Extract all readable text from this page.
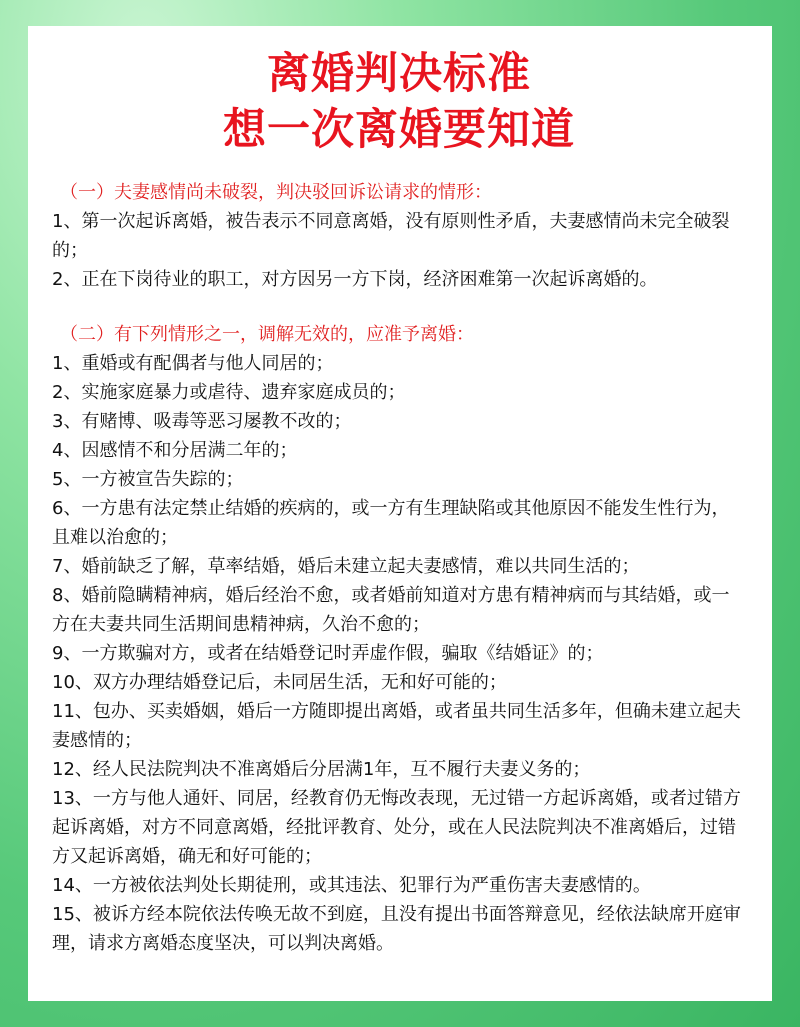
离婚判决标准
想一次离婚要知道

（一）夫妻感情尚未破裂，判决驳回诉讼请求的情形：

1、第一次起诉离婚，被告表示不同意离婚，没有原则性矛盾，夫妻感情尚未完全破裂的；
2、正在下岗待业的职工，对方因另一方下岗，经济困难第一次起诉离婚的。

（二）有下列情形之一，调解无效的，应准予离婚：

1、重婚或有配偶者与他人同居的；
2、实施家庭暴力或虐待、遗弃家庭成员的；
3、有赌博、吸毒等恶习屡教不改的；
4、因感情不和分居满二年的；
5、一方被宣告失踪的；
6、一方患有法定禁止结婚的疾病的，或一方有生理缺陷或其他原因不能发生性行为，且难以治愈的；
7、婚前缺乏了解，草率结婚，婚后未建立起夫妻感情，难以共同生活的；
8、婚前隐瞒精神病，婚后经治不愈，或者婚前知道对方患有精神病而与其结婚，或一方在夫妻共同生活期间患精神病，久治不愈的；
9、一方欺骗对方，或者在结婚登记时弄虚作假，骗取《结婚证》的；
10、双方办理结婚登记后，未同居生活，无和好可能的；
11、包办、买卖婚姻，婚后一方随即提出离婚，或者虽共同生活多年，但确未建立起夫妻感情的；
12、经人民法院判决不准离婚后分居满1年，互不履行夫妻义务的；
13、一方与他人通奸、同居，经教育仍无悔改表现，无过错一方起诉离婚，或者过错方起诉离婚，对方不同意离婚，经批评教育、处分，或在人民法院判决不准离婚后，过错方又起诉离婚，确无和好可能的；
14、一方被依法判处长期徒刑，或其违法、犯罪行为严重伤害夫妻感情的。
15、被诉方经本院依法传唤无故不到庭，且没有提出书面答辩意见，经依法缺席开庭审理，请求方离婚态度坚决，可以判决离婚。
